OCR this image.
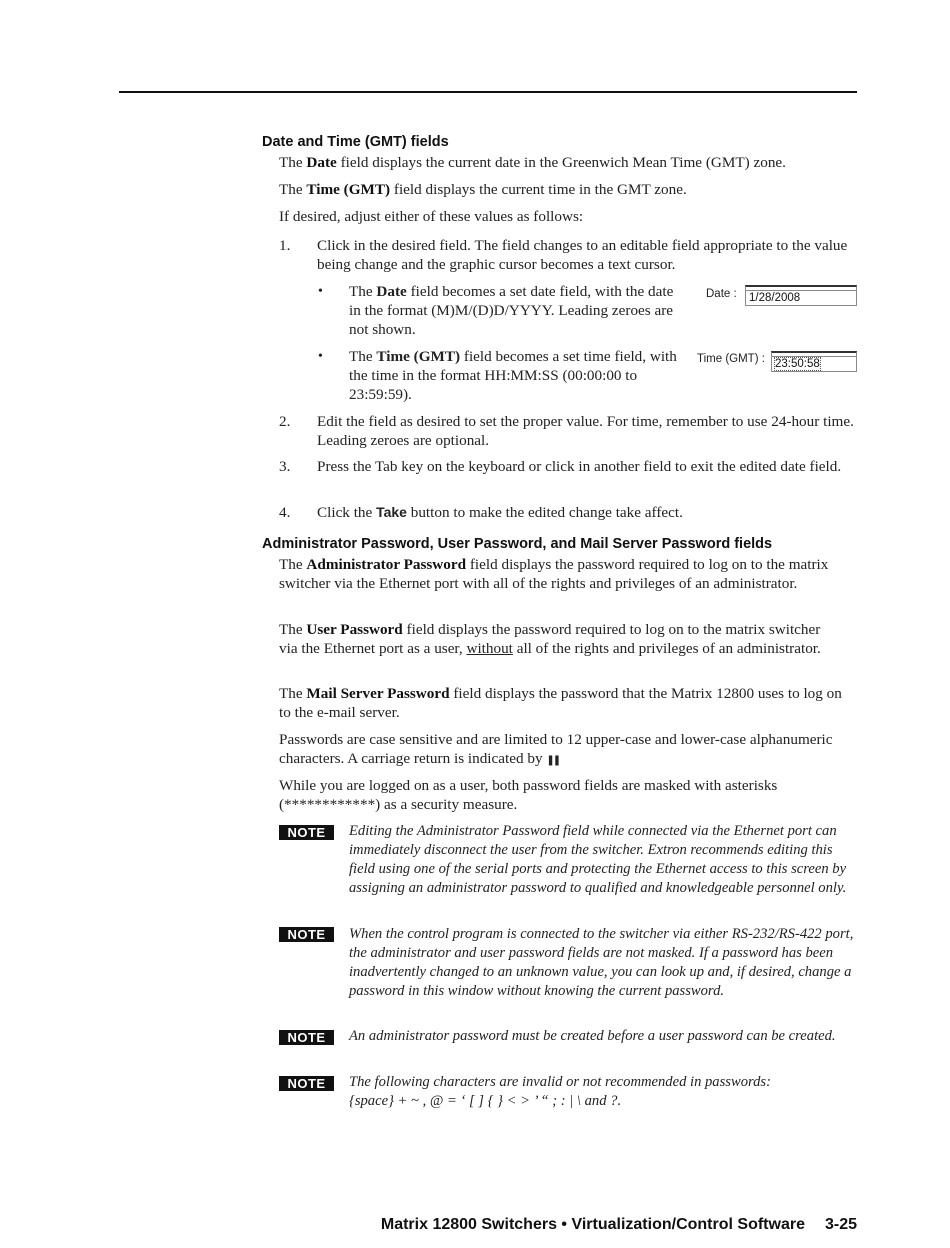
Date and Time (GMT) fields
The Date field displays the current date in the Greenwich Mean Time (GMT) zone.
The Time (GMT) field displays the current time in the GMT zone.
If desired, adjust either of these values as follows:
1. Click in the desired field. The field changes to an editable field appropriate to the value being change and the graphic cursor becomes a text cursor.
• The Date field becomes a set date field, with the date in the format (M)M/(D)D/YYYY. Leading zeroes are not shown.
• The Time (GMT) field becomes a set time field, with the time in the format HH:MM:SS (00:00:00 to 23:59:59).
Date : 1/28/2008
Time (GMT) : 23:50:58
2. Edit the field as desired to set the proper value. For time, remember to use 24-hour time. Leading zeroes are optional.
3. Press the Tab key on the keyboard or click in another field to exit the edited date field.
4. Click the Take button to make the edited change take affect.
Administrator Password, User Password, and Mail Server Password fields
The Administrator Password field displays the password required to log on to the matrix switcher via the Ethernet port with all of the rights and privileges of an administrator.
The User Password field displays the password required to log on to the matrix switcher via the Ethernet port as a user, without all of the rights and privileges of an administrator.
The Mail Server Password field displays the password that the Matrix 12800 uses to log on to the e-mail server.
Passwords are case sensitive and are limited to 12 upper-case and lower-case alphanumeric characters. A carriage return is indicated by ❚❚
While you are logged on as a user, both password fields are masked with asterisks (************) as a security measure.
NOTE	Editing the Administrator Password field while connected via the Ethernet port can immediately disconnect the user from the switcher. Extron recommends editing this field using one of the serial ports and protecting the Ethernet access to this screen by assigning an administrator password to qualified and knowledgeable personnel only.
NOTE	When the control program is connected to the switcher via either RS-232/RS-422 port, the administrator and user password fields are not masked. If a password has been inadvertently changed to an unknown value, you can look up and, if desired, change a password in this window without knowing the current password.
NOTE	An administrator password must be created before a user password can be created.
NOTE	The following characters are invalid or not recommended in passwords: {space} + ~ , @ = ‘ [ ] { } < > ’ “ ; : | \ and ?.
Matrix 12800 Switchers • Virtualization/Control Software 3-25
